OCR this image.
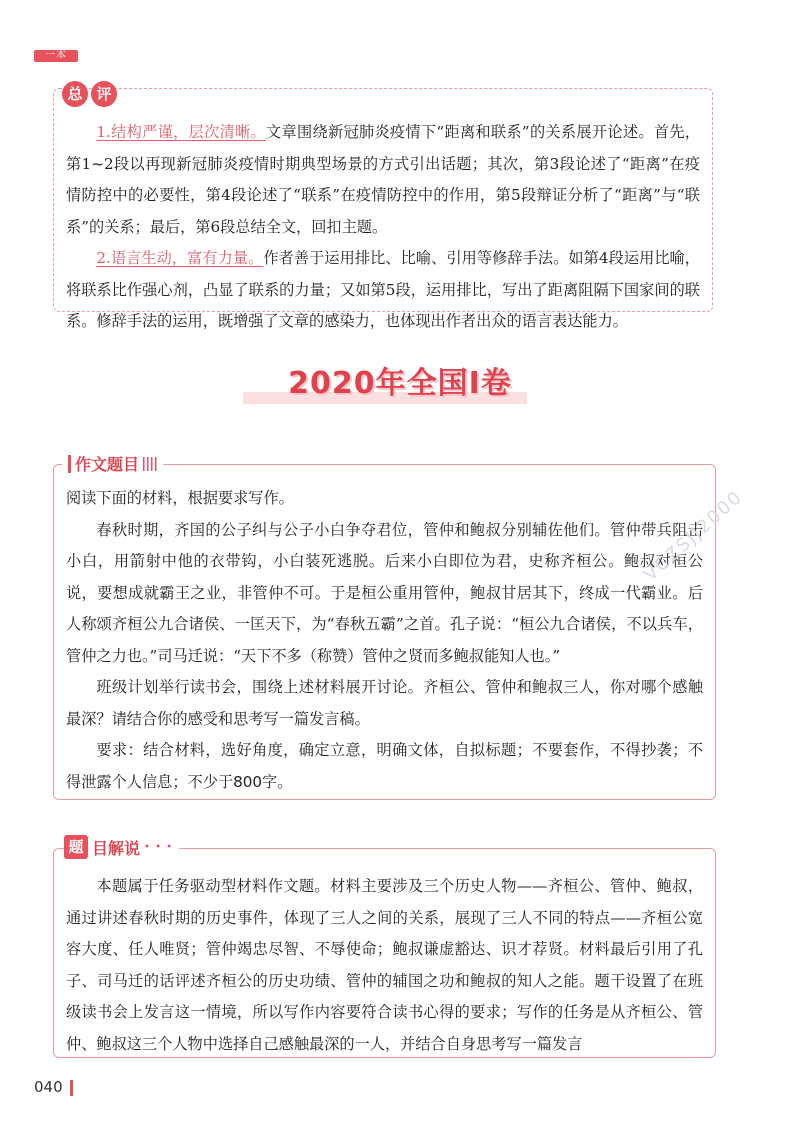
一本
总 评

1.结构严谨，层次清晰。文章围绕新冠肺炎疫情下“距离和联系”的关系展开论述。首先，第1~2段以再现新冠肺炎疫情时期典型场景的方式引出话题；其次，第3段论述了“距离”在疫情防控中的必要性，第4段论述了“联系”在疫情防控中的作用，第5段辩证分析了“距离”与“联系”的关系；最后，第6段总结全文，回扣主题。

2.语言生动，富有力量。作者善于运用排比、比喻、引用等修辞手法。如第4段运用比喻，将联系比作强心剂，凸显了联系的力量；又如第5段，运用排比，写出了距离阻隔下国家间的联系。修辞手法的运用，既增强了文章的感染力，也体现出作者出众的语言表达能力。

2020年全国Ⅰ卷
作文题目

阅读下面的材料，根据要求写作。

春秋时期，齐国的公子纠与公子小白争夺君位，管仲和鲍叔分别辅佐他们。管仲带兵阻击小白，用箭射中他的衣带钩，小白装死逃脱。后来小白即位为君，史称齐桓公。鲍叔对桓公说，要想成就霸王之业，非管仲不可。于是桓公重用管仲，鲍叔甘居其下，终成一代霸业。后人称颂齐桓公九合诸侯、一匡天下，为“春秋五霸”之首。孔子说：“桓公九合诸侯，不以兵车，管仲之力也。”司马迁说：“天下不多（称赞）管仲之贤而多鲍叔能知人也。”

班级计划举行读书会，围绕上述材料展开讨论。齐桓公、管仲和鲍叔三人，你对哪个感触最深？请结合你的感受和思考写一篇发言稿。

要求：结合材料，选好角度，确定立意，明确文体，自拟标题；不要套作，不得抄袭；不得泄露个人信息；不少于800字。

题 目解说 • • •

本题属于任务驱动型材料作文题。材料主要涉及三个历史人物——齐桓公、管仲、鲍叔，通过讲述春秋时期的历史事件，体现了三人之间的关系，展现了三人不同的特点——齐桓公宽容大度、任人唯贤；管仲竭忠尽智、不辱使命；鲍叔谦虚豁达、识才荐贤。材料最后引用了孔子、司马迁的话评述齐桓公的历史功绩、管仲的辅国之功和鲍叔的知人之能。题干设置了在班级读书会上发言这一情境，所以写作内容要符合读书心得的要求；写作的任务是从齐桓公、管仲、鲍叔这三个人物中选择自己感触最深的一人，并结合自身思考写一篇发言

040
VCZSJJ2000
